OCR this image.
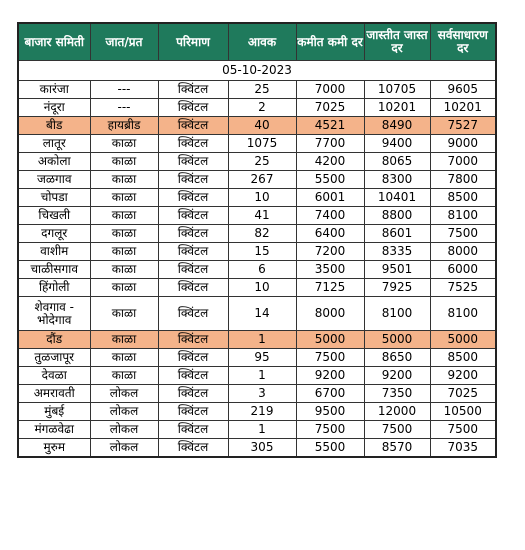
बाजार समिती	जात/प्रत	परिमाण	आवक	कमीत कमी दर	जास्तीत जास्त दर	सर्वसाधारण दर
05-10-2023						
कारंजा	---	क्विंटल	25	7000	10705	9605
नंदूरा	---	क्विंटल	2	7025	10201	10201
बीड	हायब्रीड	क्विंटल	40	4521	8490	7527
लातूर	काळा	क्विंटल	1075	7700	9400	9000
अकोला	काळा	क्विंटल	25	4200	8065	7000
जळगाव	काळा	क्विंटल	267	5500	8300	7800
चोपडा	काळा	क्विंटल	10	6001	10401	8500
चिखली	काळा	क्विंटल	41	7400	8800	8100
दगलूर	काळा	क्विंटल	82	6400	8601	7500
वाशीम	काळा	क्विंटल	15	7200	8335	8000
चाळीसगाव	काळा	क्विंटल	6	3500	9501	6000
हिंगोली	काळा	क्विंटल	10	7125	7925	7525
शेवगाव - भोदेगाव	काळा	क्विंटल	14	8000	8100	8100
दौंड	काळा	क्विंटल	1	5000	5000	5000
तुळजापूर	काळा	क्विंटल	95	7500	8650	8500
देवळा	काळा	क्विंटल	1	9200	9200	9200
अमरावती	लोकल	क्विंटल	3	6700	7350	7025
मुंबई	लोकल	क्विंटल	219	9500	12000	10500
मंगळवेढा	लोकल	क्विंटल	1	7500	7500	7500
मुरुम	लोकल	क्विंटल	305	5500	8570	7035
